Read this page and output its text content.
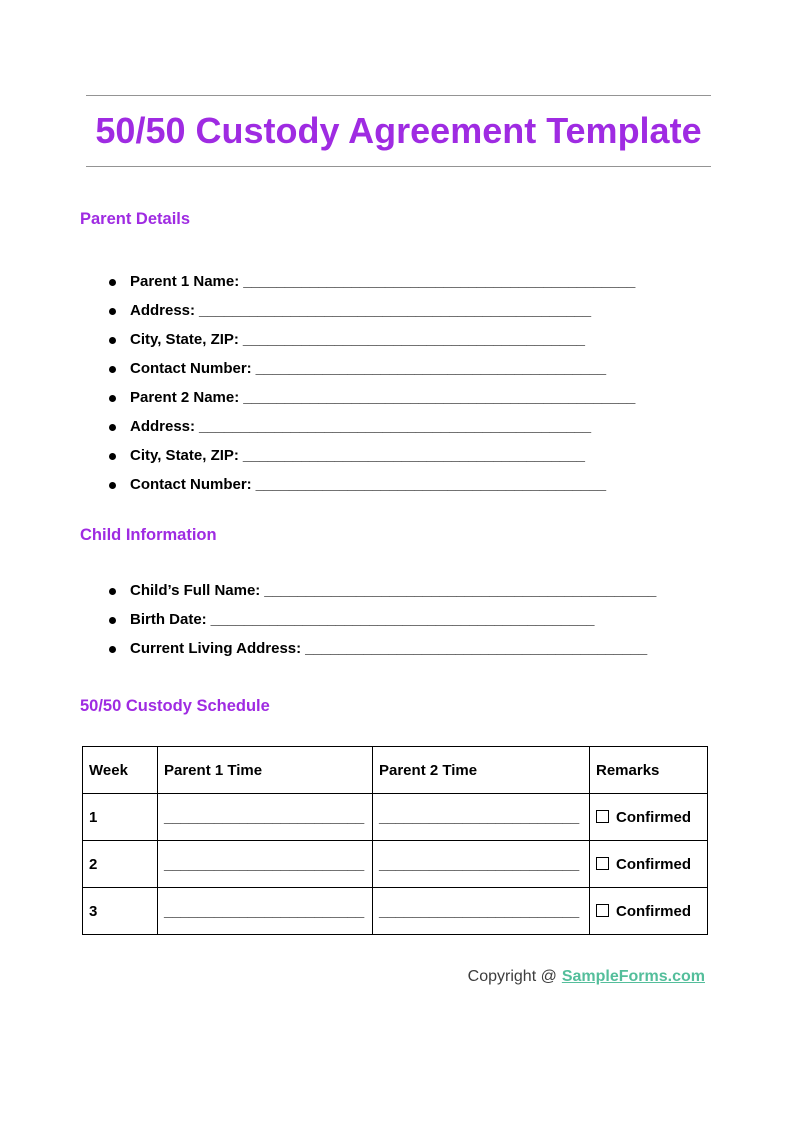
50/50 Custody Agreement Template
Parent Details
Parent 1 Name: _______________________________________________
Address: _______________________________________________
City, State, ZIP: _________________________________________
Contact Number: __________________________________________
Parent 2 Name: _______________________________________________
Address: _______________________________________________
City, State, ZIP: _________________________________________
Contact Number: __________________________________________
Child Information
Child’s Full Name: _______________________________________________
Birth Date: ______________________________________________
Current Living Address: _________________________________________
50/50 Custody Schedule
Week	Parent 1 Time	Parent 2 Time	Remarks
1	________________________	________________________	Confirmed
2	________________________	________________________	Confirmed
3	________________________	________________________	Confirmed
Copyright @ SampleForms.com
